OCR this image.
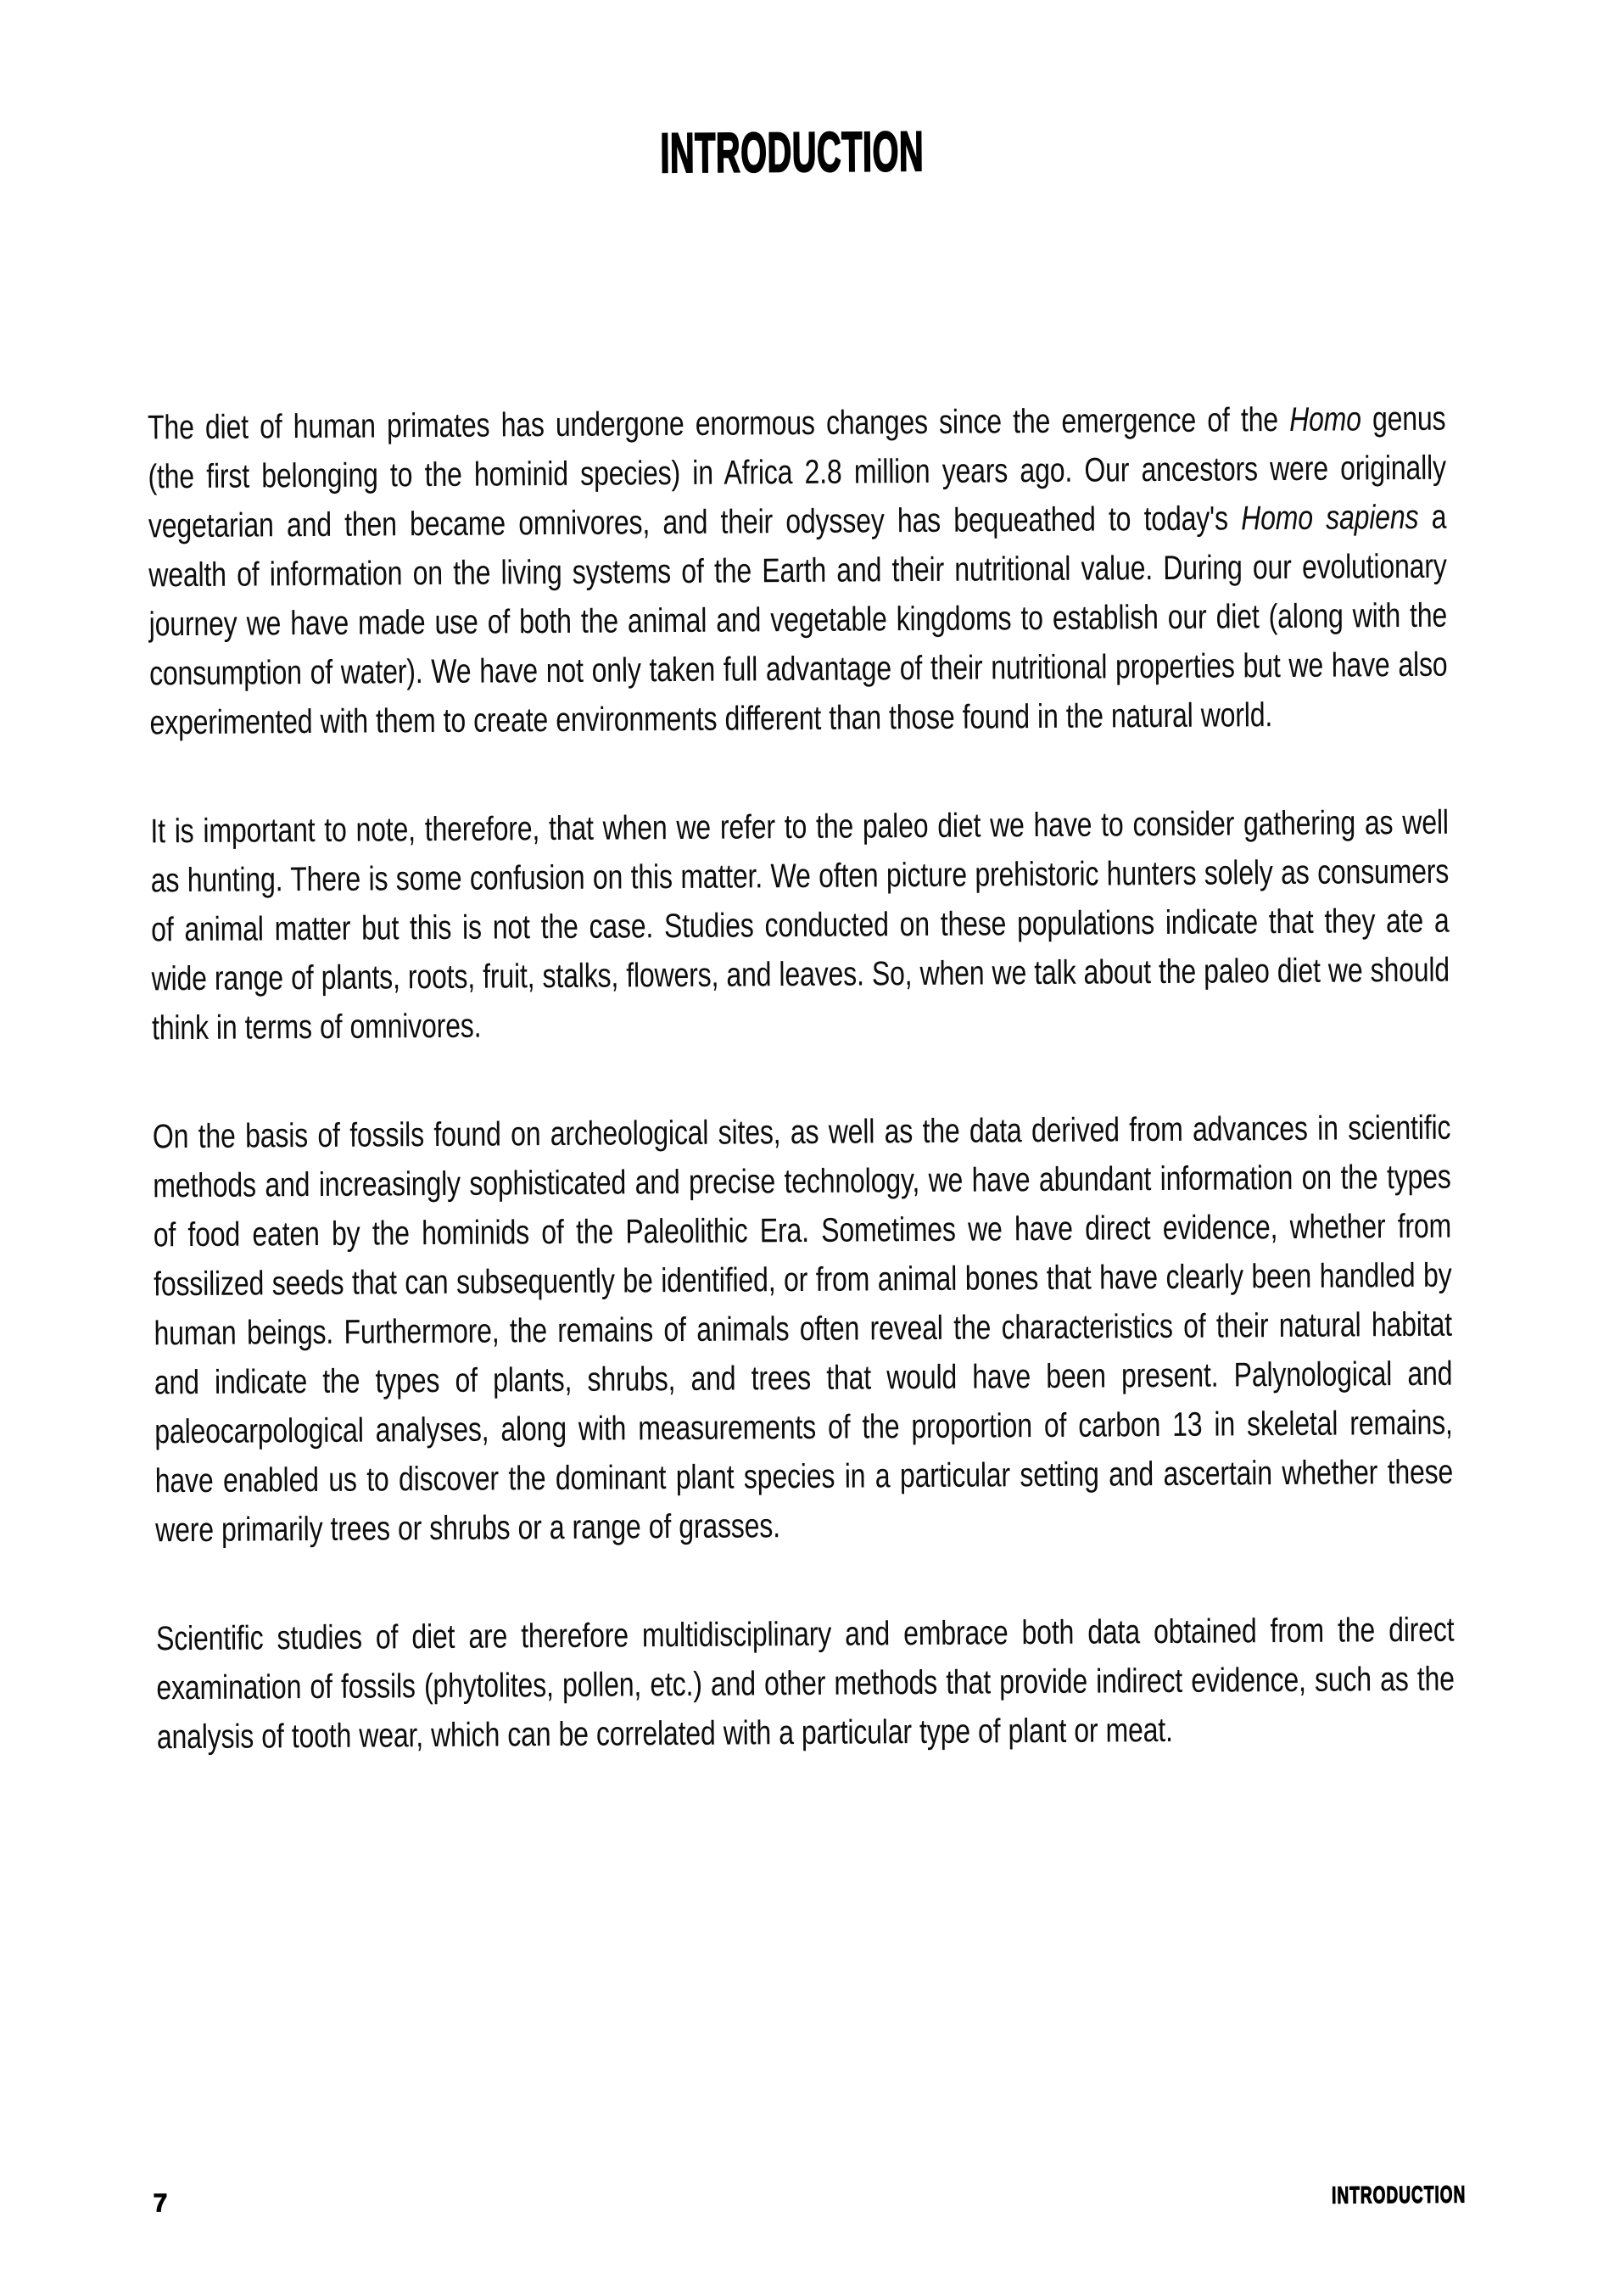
INTRODUCTION

The diet of human primates has undergone enormous changes since the emergence of the Homo genus (the first belonging to the hominid species) in Africa 2.8 million years ago. Our ancestors were originally vegetarian and then became omnivores, and their odyssey has bequeathed to today's Homo sapiens a wealth of information on the living systems of the Earth and their nutritional value. During our evolutionary journey we have made use of both the animal and vegetable kingdoms to establish our diet (along with the consumption of water). We have not only taken full advantage of their nutritional properties but we have also experimented with them to create environments different than those found in the natural world.

It is important to note, therefore, that when we refer to the paleo diet we have to consider gathering as well as hunting. There is some confusion on this matter. We often picture prehistoric hunters solely as consumers of animal matter but this is not the case. Studies conducted on these populations indicate that they ate a wide range of plants, roots, fruit, stalks, flowers, and leaves. So, when we talk about the paleo diet we should think in terms of omnivores.

On the basis of fossils found on archeological sites, as well as the data derived from advances in scientific methods and increasingly sophisticated and precise technology, we have abundant information on the types of food eaten by the hominids of the Paleolithic Era. Sometimes we have direct evidence, whether from fossilized seeds that can subsequently be identified, or from animal bones that have clearly been handled by human beings. Furthermore, the remains of animals often reveal the characteristics of their natural habitat and indicate the types of plants, shrubs, and trees that would have been present. Palynological and paleocarpological analyses, along with measurements of the proportion of carbon 13 in skeletal remains, have enabled us to discover the dominant plant species in a particular setting and ascertain whether these were primarily trees or shrubs or a range of grasses.

Scientific studies of diet are therefore multidisciplinary and embrace both data obtained from the direct examination of fossils (phytolites, pollen, etc.) and other methods that provide indirect evidence, such as the analysis of tooth wear, which can be correlated with a particular type of plant or meat.

7	INTRODUCTION
